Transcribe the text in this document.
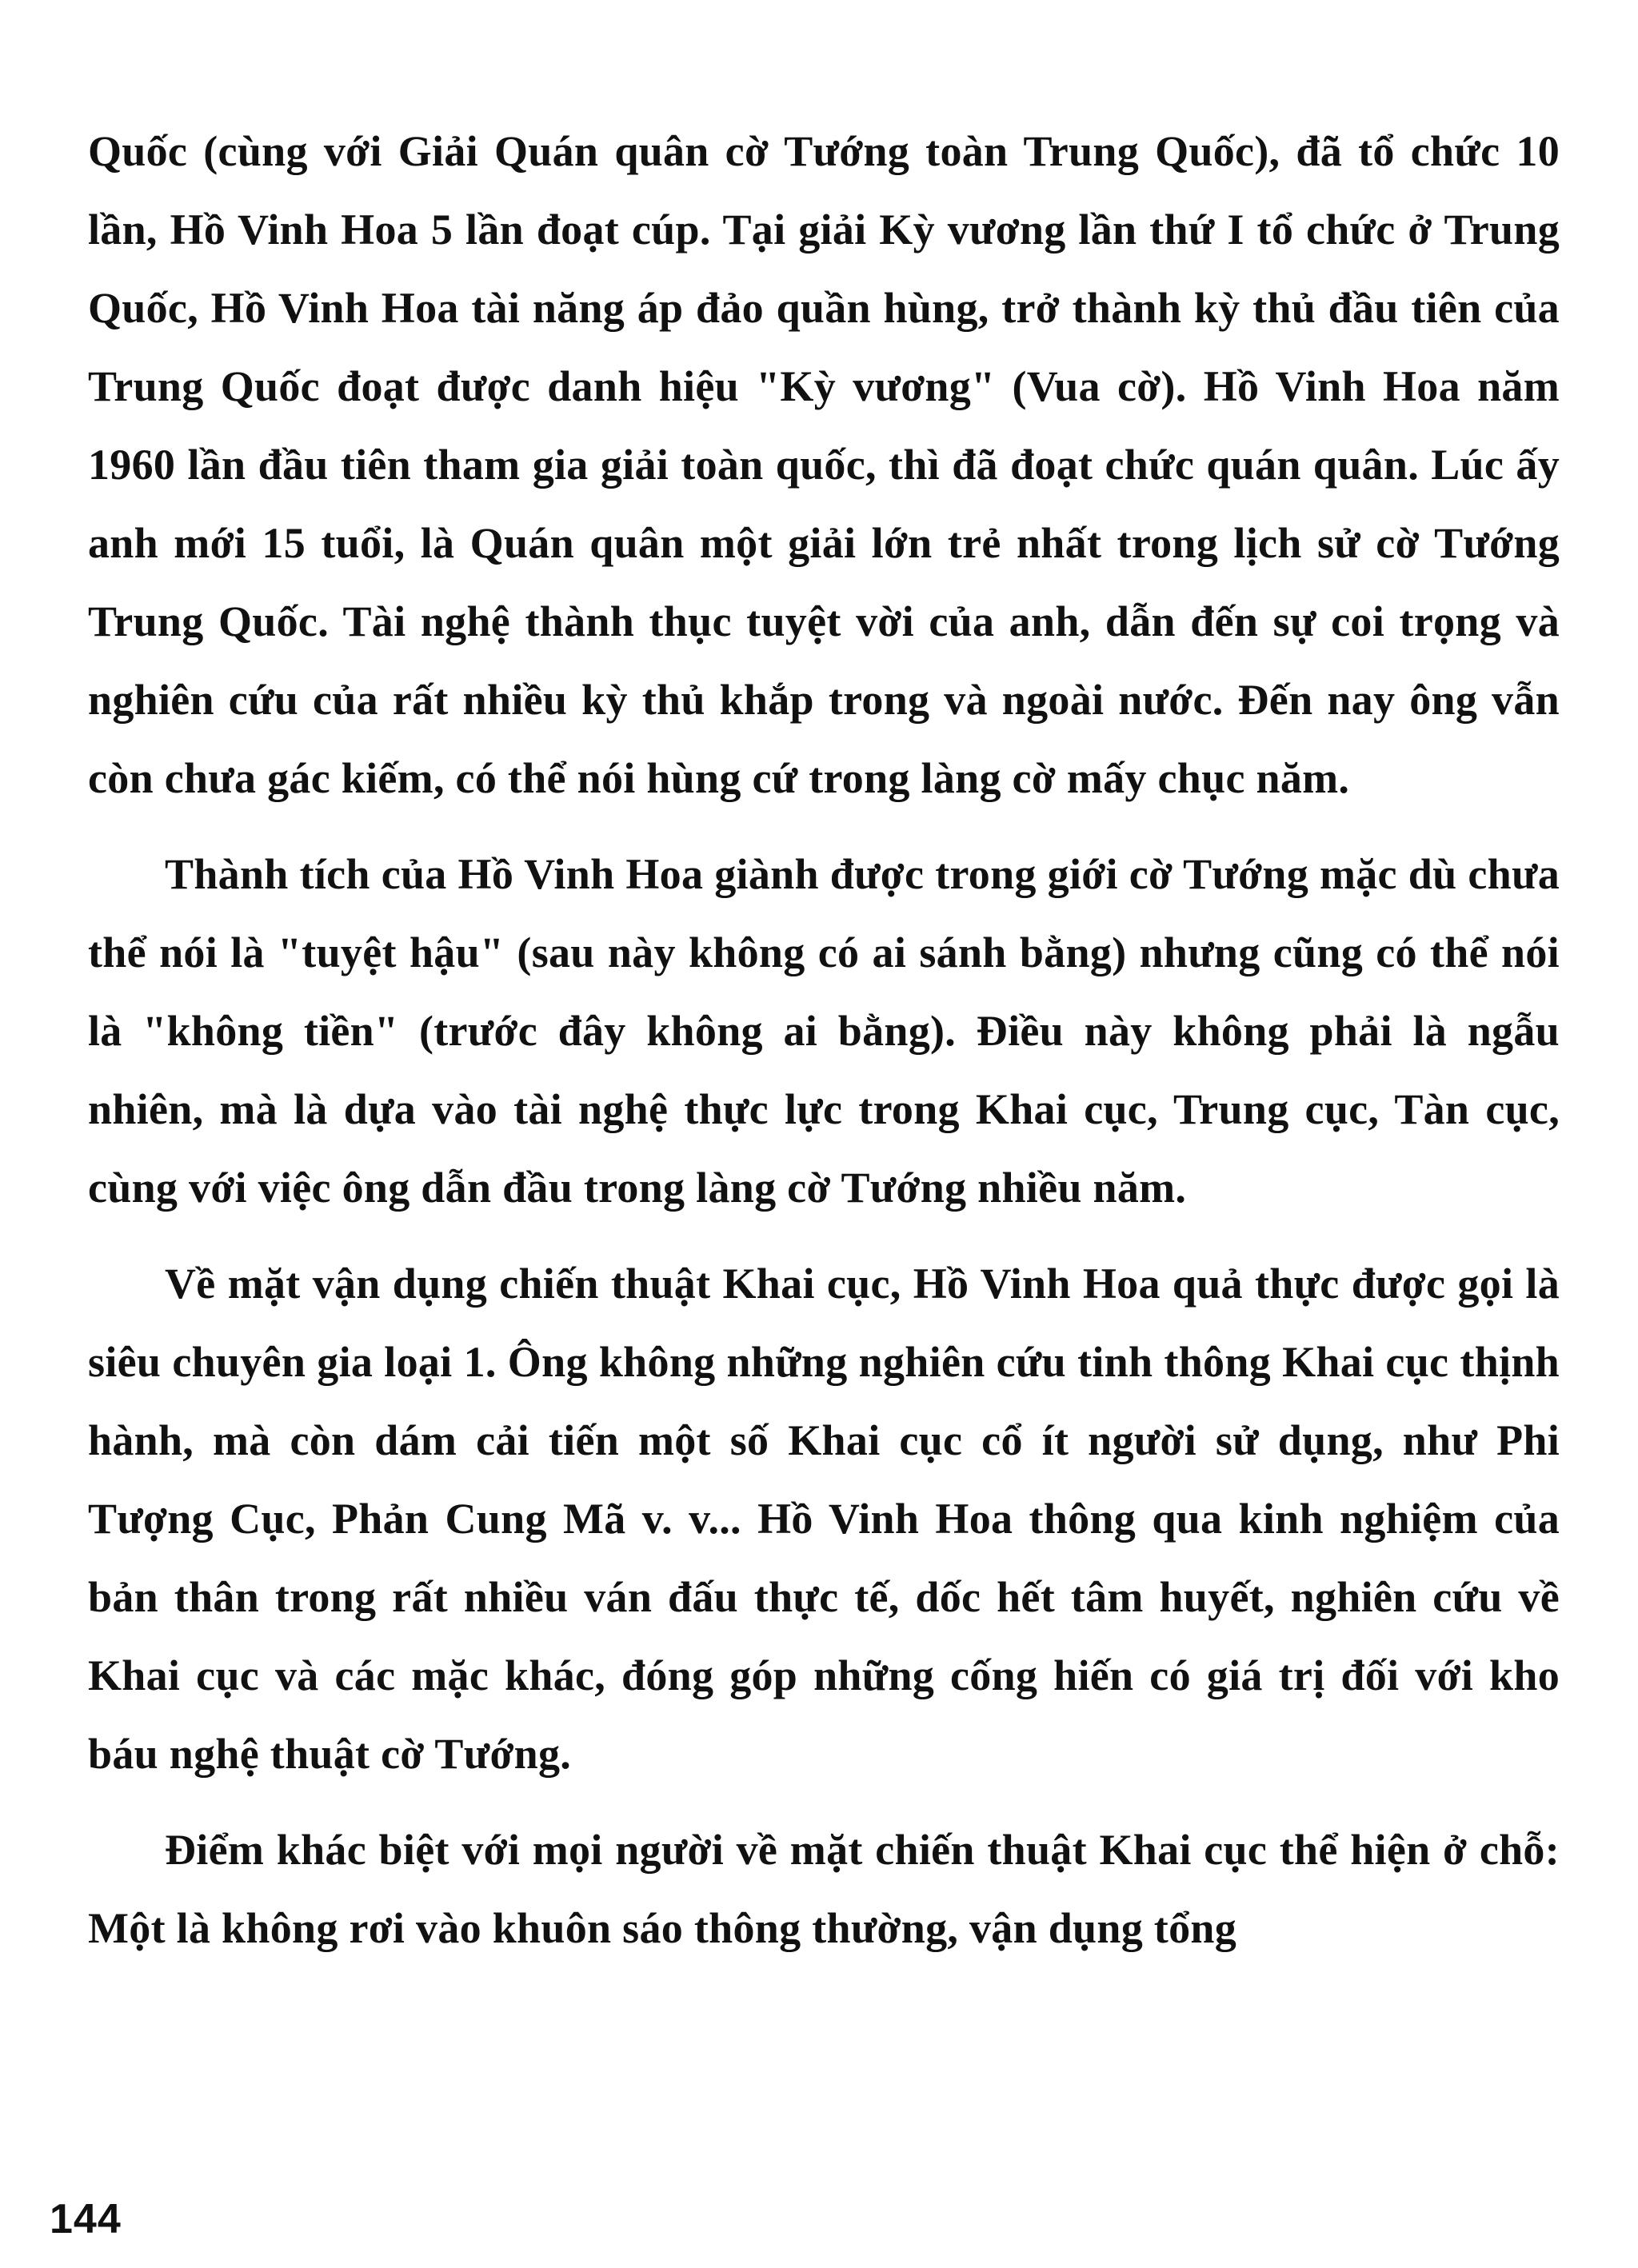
Quốc (cùng với Giải Quán quân cờ Tướng toàn Trung Quốc), đã tổ chức 10 lần, Hồ Vinh Hoa 5 lần đoạt cúp. Tại giải Kỳ vương lần thứ I tổ chức ở Trung Quốc, Hồ Vinh Hoa tài năng áp đảo quần hùng, trở thành kỳ thủ đầu tiên của Trung Quốc đoạt được danh hiệu "Kỳ vương" (Vua cờ). Hồ Vinh Hoa năm 1960 lần đầu tiên tham gia giải toàn quốc, thì đã đoạt chức quán quân. Lúc ấy anh mới 15 tuổi, là Quán quân một giải lớn trẻ nhất trong lịch sử cờ Tướng Trung Quốc. Tài nghệ thành thục tuyệt vời của anh, dẫn đến sự coi trọng và nghiên cứu của rất nhiều kỳ thủ khắp trong và ngoài nước. Đến nay ông vẫn còn chưa gác kiếm, có thể nói hùng cứ trong làng cờ mấy chục năm.

Thành tích của Hồ Vinh Hoa giành được trong giới cờ Tướng mặc dù chưa thể nói là "tuyệt hậu" (sau này không có ai sánh bằng) nhưng cũng có thể nói là "không tiền" (trước đây không ai bằng). Điều này không phải là ngẫu nhiên, mà là dựa vào tài nghệ thực lực trong Khai cục, Trung cục, Tàn cục, cùng với việc ông dẫn đầu trong làng cờ Tướng nhiều năm.

Về mặt vận dụng chiến thuật Khai cục, Hồ Vinh Hoa quả thực được gọi là siêu chuyên gia loại 1. Ông không những nghiên cứu tinh thông Khai cục thịnh hành, mà còn dám cải tiến một số Khai cục cổ ít người sử dụng, như Phi Tượng Cục, Phản Cung Mã v. v... Hồ Vinh Hoa thông qua kinh nghiệm của bản thân trong rất nhiều ván đấu thực tế, dốc hết tâm huyết, nghiên cứu về Khai cục và các mặc khác, đóng góp những cống hiến có giá trị đối với kho báu nghệ thuật cờ Tướng.

Điểm khác biệt với mọi người về mặt chiến thuật Khai cục thể hiện ở chỗ: Một là không rơi vào khuôn sáo thông thường, vận dụng tổng

144
